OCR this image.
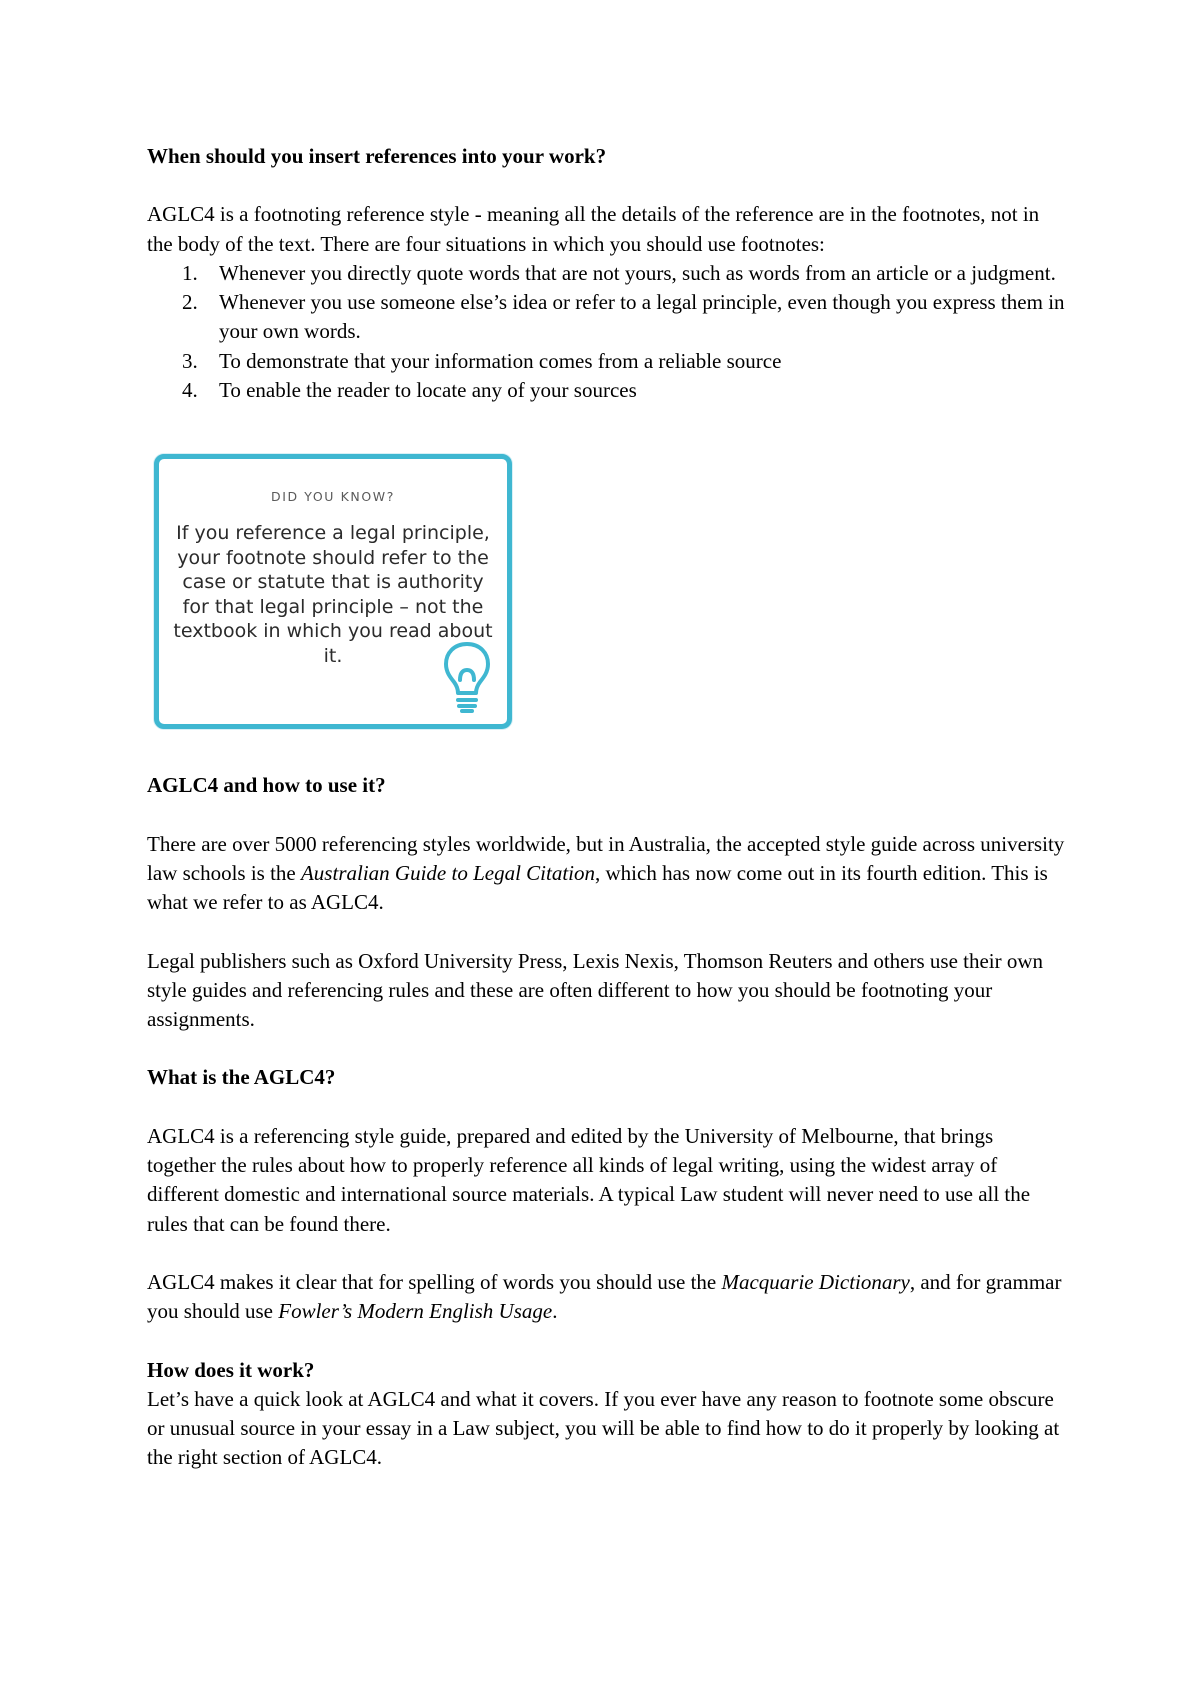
When should you insert references into your work?

AGLC4 is a footnoting reference style - meaning all the details of the reference are in the footnotes, not in the body of the text. There are four situations in which you should use footnotes:

1. Whenever you directly quote words that are not yours, such as words from an article or a judgment.
2. Whenever you use someone else’s idea or refer to a legal principle, even though you express them in your own words.
3. To demonstrate that your information comes from a reliable source
4. To enable the reader to locate any of your sources
DID YOU KNOW?
If you reference a legal principle, your footnote should refer to the case or statute that is authority for that legal principle – not the textbook in which you read about it.

AGLC4 and how to use it?

There are over 5000 referencing styles worldwide, but in Australia, the accepted style guide across university law schools is the Australian Guide to Legal Citation, which has now come out in its fourth edition. This is what we refer to as AGLC4.

Legal publishers such as Oxford University Press, Lexis Nexis, Thomson Reuters and others use their own style guides and referencing rules and these are often different to how you should be footnoting your assignments.

What is the AGLC4?

AGLC4 is a referencing style guide, prepared and edited by the University of Melbourne, that brings together the rules about how to properly reference all kinds of legal writing, using the widest array of different domestic and international source materials. A typical Law student will never need to use all the rules that can be found there.

AGLC4 makes it clear that for spelling of words you should use the Macquarie Dictionary, and for grammar you should use Fowler’s Modern English Usage.

How does it work?

Let’s have a quick look at AGLC4 and what it covers. If you ever have any reason to footnote some obscure or unusual source in your essay in a Law subject, you will be able to find how to do it properly by looking at the right section of AGLC4.
